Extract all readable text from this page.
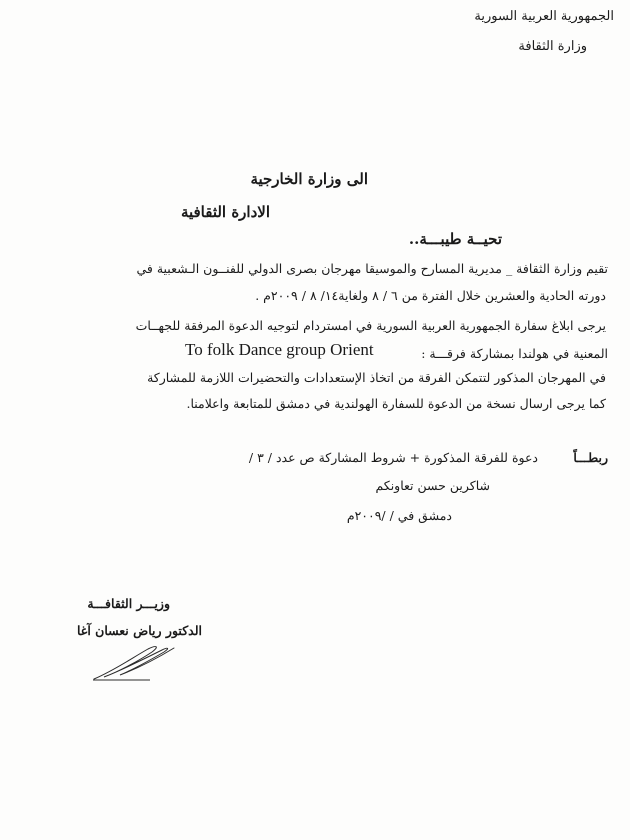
الجمهورية العربية السورية
وزارة الثقافة
الى وزارة الخارجية
الادارة الثقافية
تحيــة طيبـــة..
تقيم وزارة الثقافة _ مديرية المسارح والموسيقا مهرجان بصرى الدولي للفنــون الـشعبية في
دورته الحادية والعشرين خلال الفترة من ٦ / ٨ ولغاية١٤/ ٨ / ٢٠٠٩م .
يرجى ابلاغ سفارة الجمهورية العربية السورية في امستردام لتوجيه الدعوة المرفقة للجهــات
المعنية في هولندا بمشاركة فرقـــة :
To folk Dance group Orient
في المهرجان المذكور لتتمكن الفرقة من اتخاذ الإستعدادات والتحضيرات اللازمة للمشاركة
كما يرجى ارسال نسخة من الدعوة للسفارة الهولندية في دمشق للمتابعة واعلامنا.
ربطـــاً
دعوة للفرقة المذكورة + شروط المشاركة ص عدد / ٣ /
شاكرين حسن تعاونكم
دمشق في / /٢٠٠٩م
وزيـــر الثقافـــة
الدكتور رياض نعسان آغا
